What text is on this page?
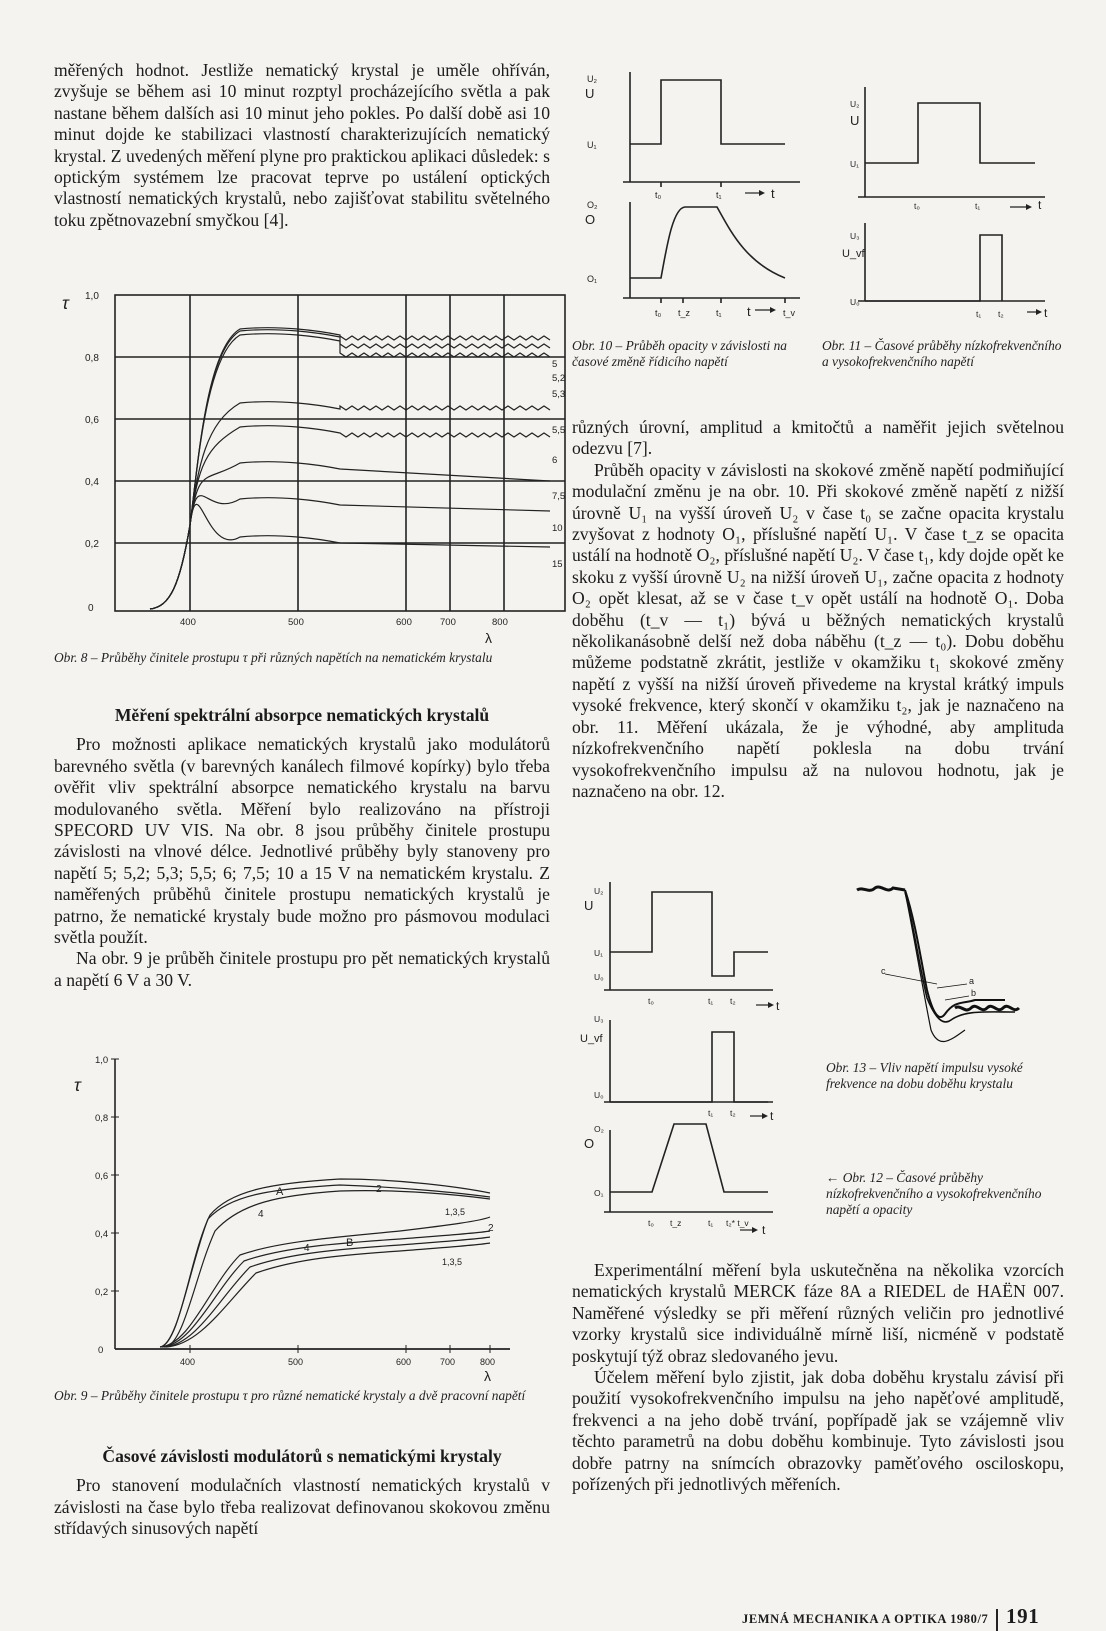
měřených hodnot. Jestliže nematický krystal je uměle ohříván, zvyšuje se během asi 10 minut rozptyl procházejícího světla a pak nastane během dalších asi 10 minut jeho pokles. Po další době asi 10 minut dojde ke stabilizaci vlastností charakterizujících nematický krystal. Z uvedených měření plyne pro praktickou aplikaci důsledek: s optickým systémem lze pracovat teprve po ustálení optických vlastností nematických krystalů, nebo zajišťovat stabilitu světelného toku zpětnovazební smyčkou [4].

τ 1,0
0,8
0,6
0,4
0,2
0
400	500	600	700	800
λ
5
5,2
5,3
5,5
6
7,5
10
15
Obr. 8 – Průběhy činitele prostupu τ při různých napětích na nematickém krystalu

Měření spektrální absorpce nematických krystalů

Pro možnosti aplikace nematických krystalů jako modulátorů barevného světla (v barevných kanálech filmové kopírky) bylo třeba ověřit vliv spektrální absorpce nematického krystalu na barvu modulovaného světla. Měření bylo realizováno na přístroji SPECORD UV VIS. Na obr. 8 jsou průběhy činitele prostupu závislosti na vlnové délce. Jednotlivé průběhy byly stanoveny pro napětí 5; 5,2; 5,3; 5,5; 6; 7,5; 10 a 15 V na nematickém krystalu. Z naměřených průběhů činitele prostupu nematických krystalů je patrno, že nematické krystaly bude možno pro pásmovou modulaci světla použít.

Na obr. 9 je průběh činitele prostupu pro pět nematických krystalů a napětí 6 V a 30 V.

τ
1,0
0,8
0,6
0,4
0,2
0
400	500	600	700	800
λ
A	2
4	1,3,5
B
4
2
1,3,5
Obr. 9 – Průběhy činitele prostupu τ pro různé nematické krystaly a dvě pracovní napětí

Časové závislosti modulátorů s nematickými krystaly

Pro stanovení modulačních vlastností nematických krystalů v závislosti na čase bylo třeba realizovat definovanou skokovou změnu střídavých sinusových napětí

U₂
U
U₁
t₀	t₁	t
O₂
O
O₁
t₀ t_z	t₁ t	t_v
Obr. 10 – Průběh opacity v závislosti na časové změně řídicího napětí
U₂
U
U₁
t₀	t₁	t
U₃
U_vf
U₀
t₁ t₂	t
Obr. 11 – Časové průběhy nízkofrekvenčního a vysokofrekvenčního napětí

různých úrovní, amplitud a kmitočtů a naměřit jejich světelnou odezvu [7].

Průběh opacity v závislosti na skokové změně napětí podmiňující modulační změnu je na obr. 10. Při skokové změně napětí z nižší úrovně U₁ na vyšší úroveň U₂ v čase t₀ se začne opacita krystalu zvyšovat z hodnoty O₁, příslušné napětí U₁. V čase t_z se opacita ustálí na hodnotě O₂, příslušné napětí U₂. V čase t₁, kdy dojde opět ke skoku z vyšší úrovně U₂ na nižší úroveň U₁, začne opacita z hodnoty O₂ opět klesat, až se v čase t_v opět ustálí na hodnotě O₁. Doba doběhu (t_v — t₁) bývá u běžných nematických krystalů několikanásobně delší než doba náběhu (t_z — t₀). Dobu doběhu můžeme podstatně zkrátit, jestliže v okamžiku t₁ skokové změny napětí z vyšší na nižší úroveň přivedeme na krystal krátký impuls vysoké frekvence, který skončí v okamžiku t₂, jak je naznačeno na obr. 11. Měření ukázala, že je výhodné, aby amplituda nízkofrekvenčního napětí poklesla na dobu trvání vysokofrekvenčního impulsu až na nulovou hodnotu, jak je naznačeno na obr. 12.

U₂
U
U₁
U₀
t₀	t₁ t₂	t
U₃
U_vf
U₀
t₁ t₂	t
O₂
O
O₁
t₀ t_z	t₁ t₂* t_v t
c
a
b
Obr. 13 – Vliv napětí impulsu vysoké frekvence na dobu doběhu krystalu
← Obr. 12 – Časové průběhy nízkofrekvenčního a vysokofrekvenčního napětí a opacity

Experimentální měření byla uskutečněna na několika vzorcích nematických krystalů MERCK fáze 8A a RIEDEL de HAËN 007. Naměřené výsledky se při měření různých veličin pro jednotlivé vzorky krystalů sice individuálně mírně liší, nicméně v podstatě poskytují týž obraz sledovaného jevu.

Účelem měření bylo zjistit, jak doba doběhu krystalu závisí při použití vysokofrekvenčního impulsu na jeho napěťové amplitudě, frekvenci a na jeho době trvání, popřípadě jak se vzájemně vliv těchto parametrů na dobu doběhu kombinuje. Tyto závislosti jsou dobře patrny na snímcích obrazovky paměťového osciloskopu, pořízených při jednotlivých měřeních.

JEMNÁ MECHANIKA A OPTIKA 1980/7 191
